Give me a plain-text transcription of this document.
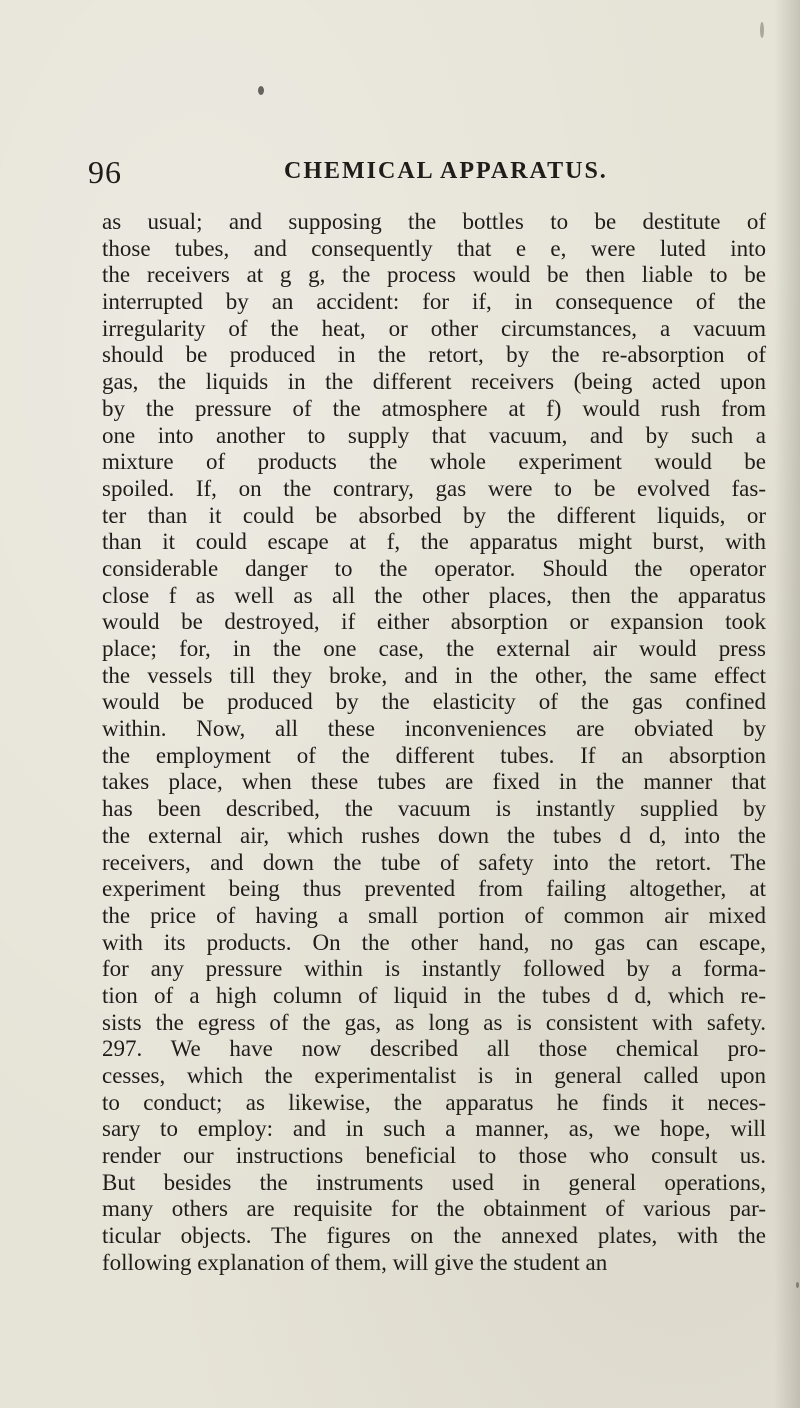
96	CHEMICAL APPARATUS.
as usual; and supposing the bottles to be destitute of
those tubes, and consequently that e e, were luted into
the receivers at g g, the process would be then liable to be
interrupted by an accident: for if, in consequence of the
irregularity of the heat, or other circumstances, a vacuum
should be produced in the retort, by the re-absorption of
gas, the liquids in the different receivers (being acted upon
by the pressure of the atmosphere at f) would rush from
one into another to supply that vacuum, and by such a
mixture of products the whole experiment would be
spoiled. If, on the contrary, gas were to be evolved fas-
ter than it could be absorbed by the different liquids, or
than it could escape at f, the apparatus might burst, with
considerable danger to the operator. Should the operator
close f as well as all the other places, then the apparatus
would be destroyed, if either absorption or expansion took
place; for, in the one case, the external air would press
the vessels till they broke, and in the other, the same effect
would be produced by the elasticity of the gas confined
within. Now, all these inconveniences are obviated by
the employment of the different tubes. If an absorption
takes place, when these tubes are fixed in the manner that
has been described, the vacuum is instantly supplied by
the external air, which rushes down the tubes d d, into the
receivers, and down the tube of safety into the retort. The
experiment being thus prevented from failing altogether, at
the price of having a small portion of common air mixed
with its products. On the other hand, no gas can escape,
for any pressure within is instantly followed by a forma-
tion of a high column of liquid in the tubes d d, which re-
sists the egress of the gas, as long as is consistent with safety.
297. We have now described all those chemical pro-
cesses, which the experimentalist is in general called upon
to conduct; as likewise, the apparatus he finds it neces-
sary to employ: and in such a manner, as, we hope, will
render our instructions beneficial to those who consult us.
But besides the instruments used in general operations,
many others are requisite for the obtainment of various par-
ticular objects. The figures on the annexed plates, with the
following explanation of them, will give the student an
